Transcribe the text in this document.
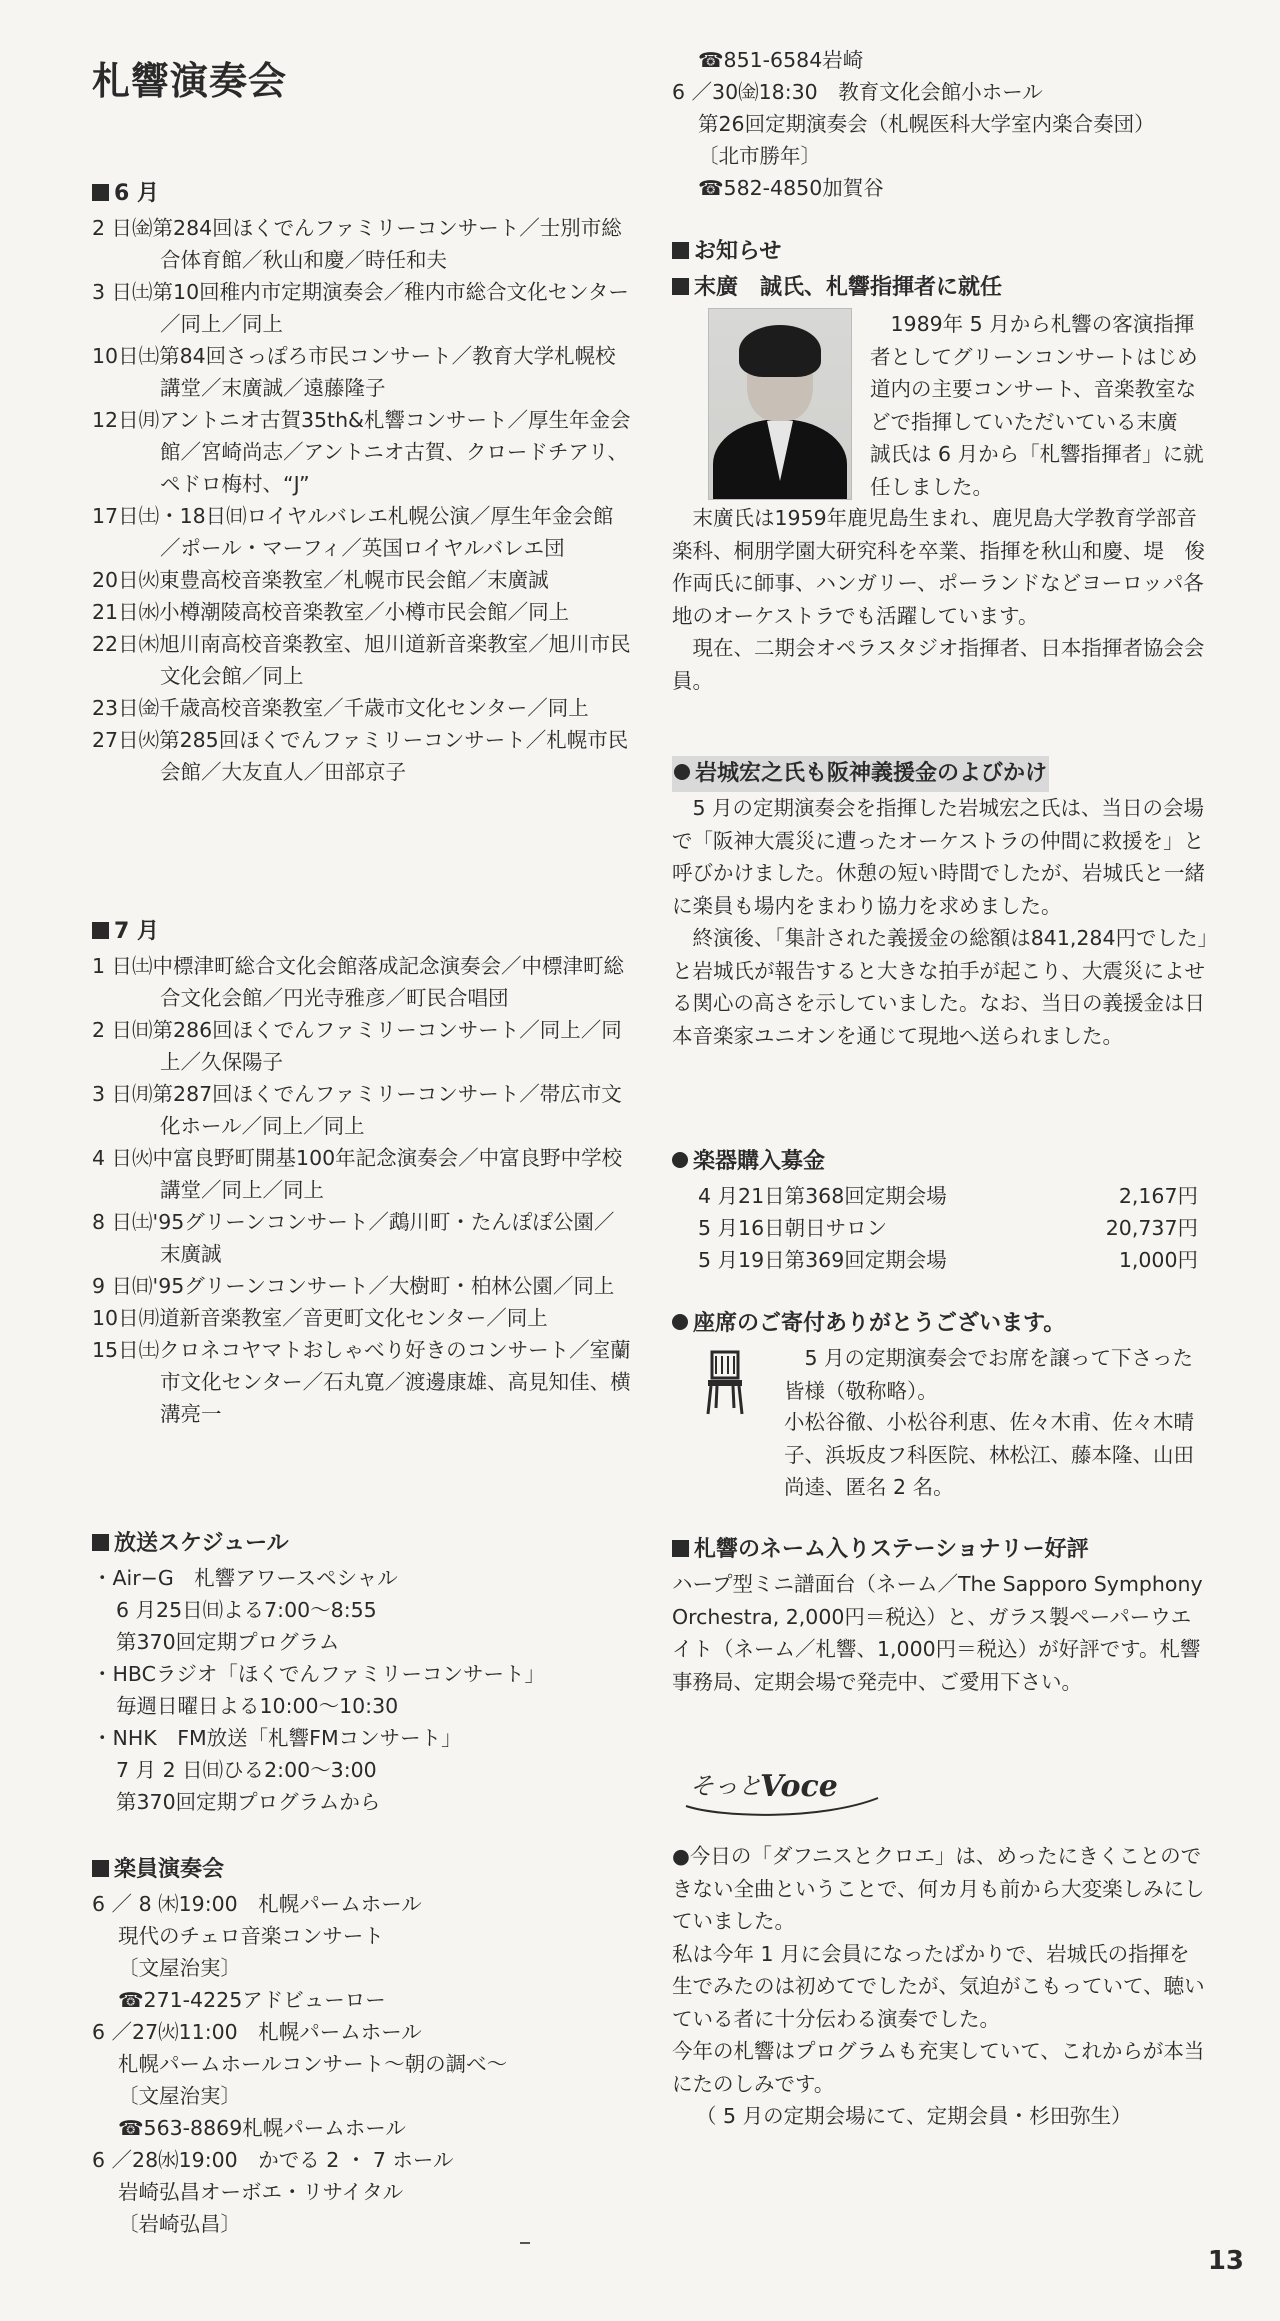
札響演奏会
6 月
2 日㈮第284回ほくでんファミリーコンサート／士別市総合体育館／秋山和慶／時任和夫
3 日㈯第10回稚内市定期演奏会／稚内市総合文化センター／同上／同上
10日㈯第84回さっぽろ市民コンサート／教育大学札幌校講堂／末廣誠／遠藤隆子
12日㈪アントニオ古賀35th&札響コンサート／厚生年金会館／宮崎尚志／アントニオ古賀、クロードチアリ、ペドロ梅村、“J”
17日㈯・18日㈰ロイヤルバレエ札幌公演／厚生年金会館／ポール・マーフィ／英国ロイヤルバレエ団
20日㈫東豊高校音楽教室／札幌市民会館／末廣誠
21日㈬小樽潮陵高校音楽教室／小樽市民会館／同上
22日㈭旭川南高校音楽教室、旭川道新音楽教室／旭川市民文化会館／同上
23日㈮千歳高校音楽教室／千歳市文化センター／同上
27日㈫第285回ほくでんファミリーコンサート／札幌市民会館／大友直人／田部京子
7 月
1 日㈯中標津町総合文化会館落成記念演奏会／中標津町総合文化会館／円光寺雅彦／町民合唱団
2 日㈰第286回ほくでんファミリーコンサート／同上／同上／久保陽子
3 日㈪第287回ほくでんファミリーコンサート／帯広市文化ホール／同上／同上
4 日㈫中富良野町開基100年記念演奏会／中富良野中学校講堂／同上／同上
8 日㈯'95グリーンコンサート／鵡川町・たんぽぽ公園／末廣誠
9 日㈰'95グリーンコンサート／大樹町・柏林公園／同上
10日㈪道新音楽教室／音更町文化センター／同上
15日㈯クロネコヤマトおしゃべり好きのコンサート／室蘭市文化センター／石丸寛／渡邊康雄、高見知佳、横溝亮一
放送スケジュール
・Air−G　札響アワースペシャル
6 月25日㈰よる7:00〜8:55
第370回定期プログラム
・HBCラジオ「ほくでんファミリーコンサート」
毎週日曜日よる10:00〜10:30
・NHK　FM放送「札響FMコンサート」
7 月 2 日㈰ひる2:00〜3:00
第370回定期プログラムから
楽員演奏会
6 ／ 8 ㈭19:00　札幌パームホール
現代のチェロ音楽コンサート
〔文屋治実〕
☎271-4225アドビューロー
6 ／27㈫11:00　札幌パームホール
札幌パームホールコンサート〜朝の調べ〜
〔文屋治実〕
☎563-8869札幌パームホール
6 ／28㈬19:00　かでる 2 ・ 7 ホール
岩崎弘昌オーボエ・リサイタル
〔岩崎弘昌〕
☎851-6584岩崎
6 ／30㈮18:30　教育文化会館小ホール
第26回定期演奏会（札幌医科大学室内楽合奏団）
〔北市勝年〕
☎582-4850加賀谷
お知らせ
末廣　誠氏、札響指揮者に就任
1989年 5 月から札響の客演指揮者としてグリーンコンサートはじめ道内の主要コンサート、音楽教室などで指揮していただいている末廣　誠氏は 6 月から「札響指揮者」に就任しました。
末廣氏は1959年鹿児島生まれ、鹿児島大学教育学部音楽科、桐朋学園大研究科を卒業、指揮を秋山和慶、堤　俊作両氏に師事、ハンガリー、ポーランドなどヨーロッパ各地のオーケストラでも活躍しています。
現在、二期会オペラスタジオ指揮者、日本指揮者協会会員。
岩城宏之氏も阪神義援金のよびかけ
5 月の定期演奏会を指揮した岩城宏之氏は、当日の会場で「阪神大震災に遭ったオーケストラの仲間に救援を」と呼びかけました。休憩の短い時間でしたが、岩城氏と一緒に楽員も場内をまわり協力を求めました。
終演後、「集計された義援金の総額は841,284円でした」と岩城氏が報告すると大きな拍手が起こり、大震災によせる関心の高さを示していました。なお、当日の義援金は日本音楽家ユニオンを通じて現地へ送られました。
楽器購入募金
4 月21日第368回定期会場	2,167円
5 月16日朝日サロン	20,737円
5 月19日第369回定期会場	1,000円
座席のご寄付ありがとうございます。
5 月の定期演奏会でお席を譲って下さった皆様（敬称略）。
小松谷徹、小松谷利恵、佐々木甫、佐々木晴子、浜坂皮フ科医院、林松江、藤本隆、山田尚逵、匿名 2 名。
札響のネーム入りステーショナリー好評
ハープ型ミニ譜面台（ネーム／The Sapporo Symphony Orchestra, 2,000円＝税込）と、ガラス製ペーパーウエイト（ネーム／札響、1,000円＝税込）が好評です。札響事務局、定期会場で発売中、ご愛用下さい。
そっと
Voce
●今日の「ダフニスとクロエ」は、めったにきくことのできない全曲ということで、何カ月も前から大変楽しみにしていました。
私は今年 1 月に会員になったばかりで、岩城氏の指揮を生でみたのは初めてでしたが、気迫がこもっていて、聴いている者に十分伝わる演奏でした。
今年の札響はプログラムも充実していて、これからが本当にたのしみです。
（ 5 月の定期会場にて、定期会員・杉田弥生）
13
